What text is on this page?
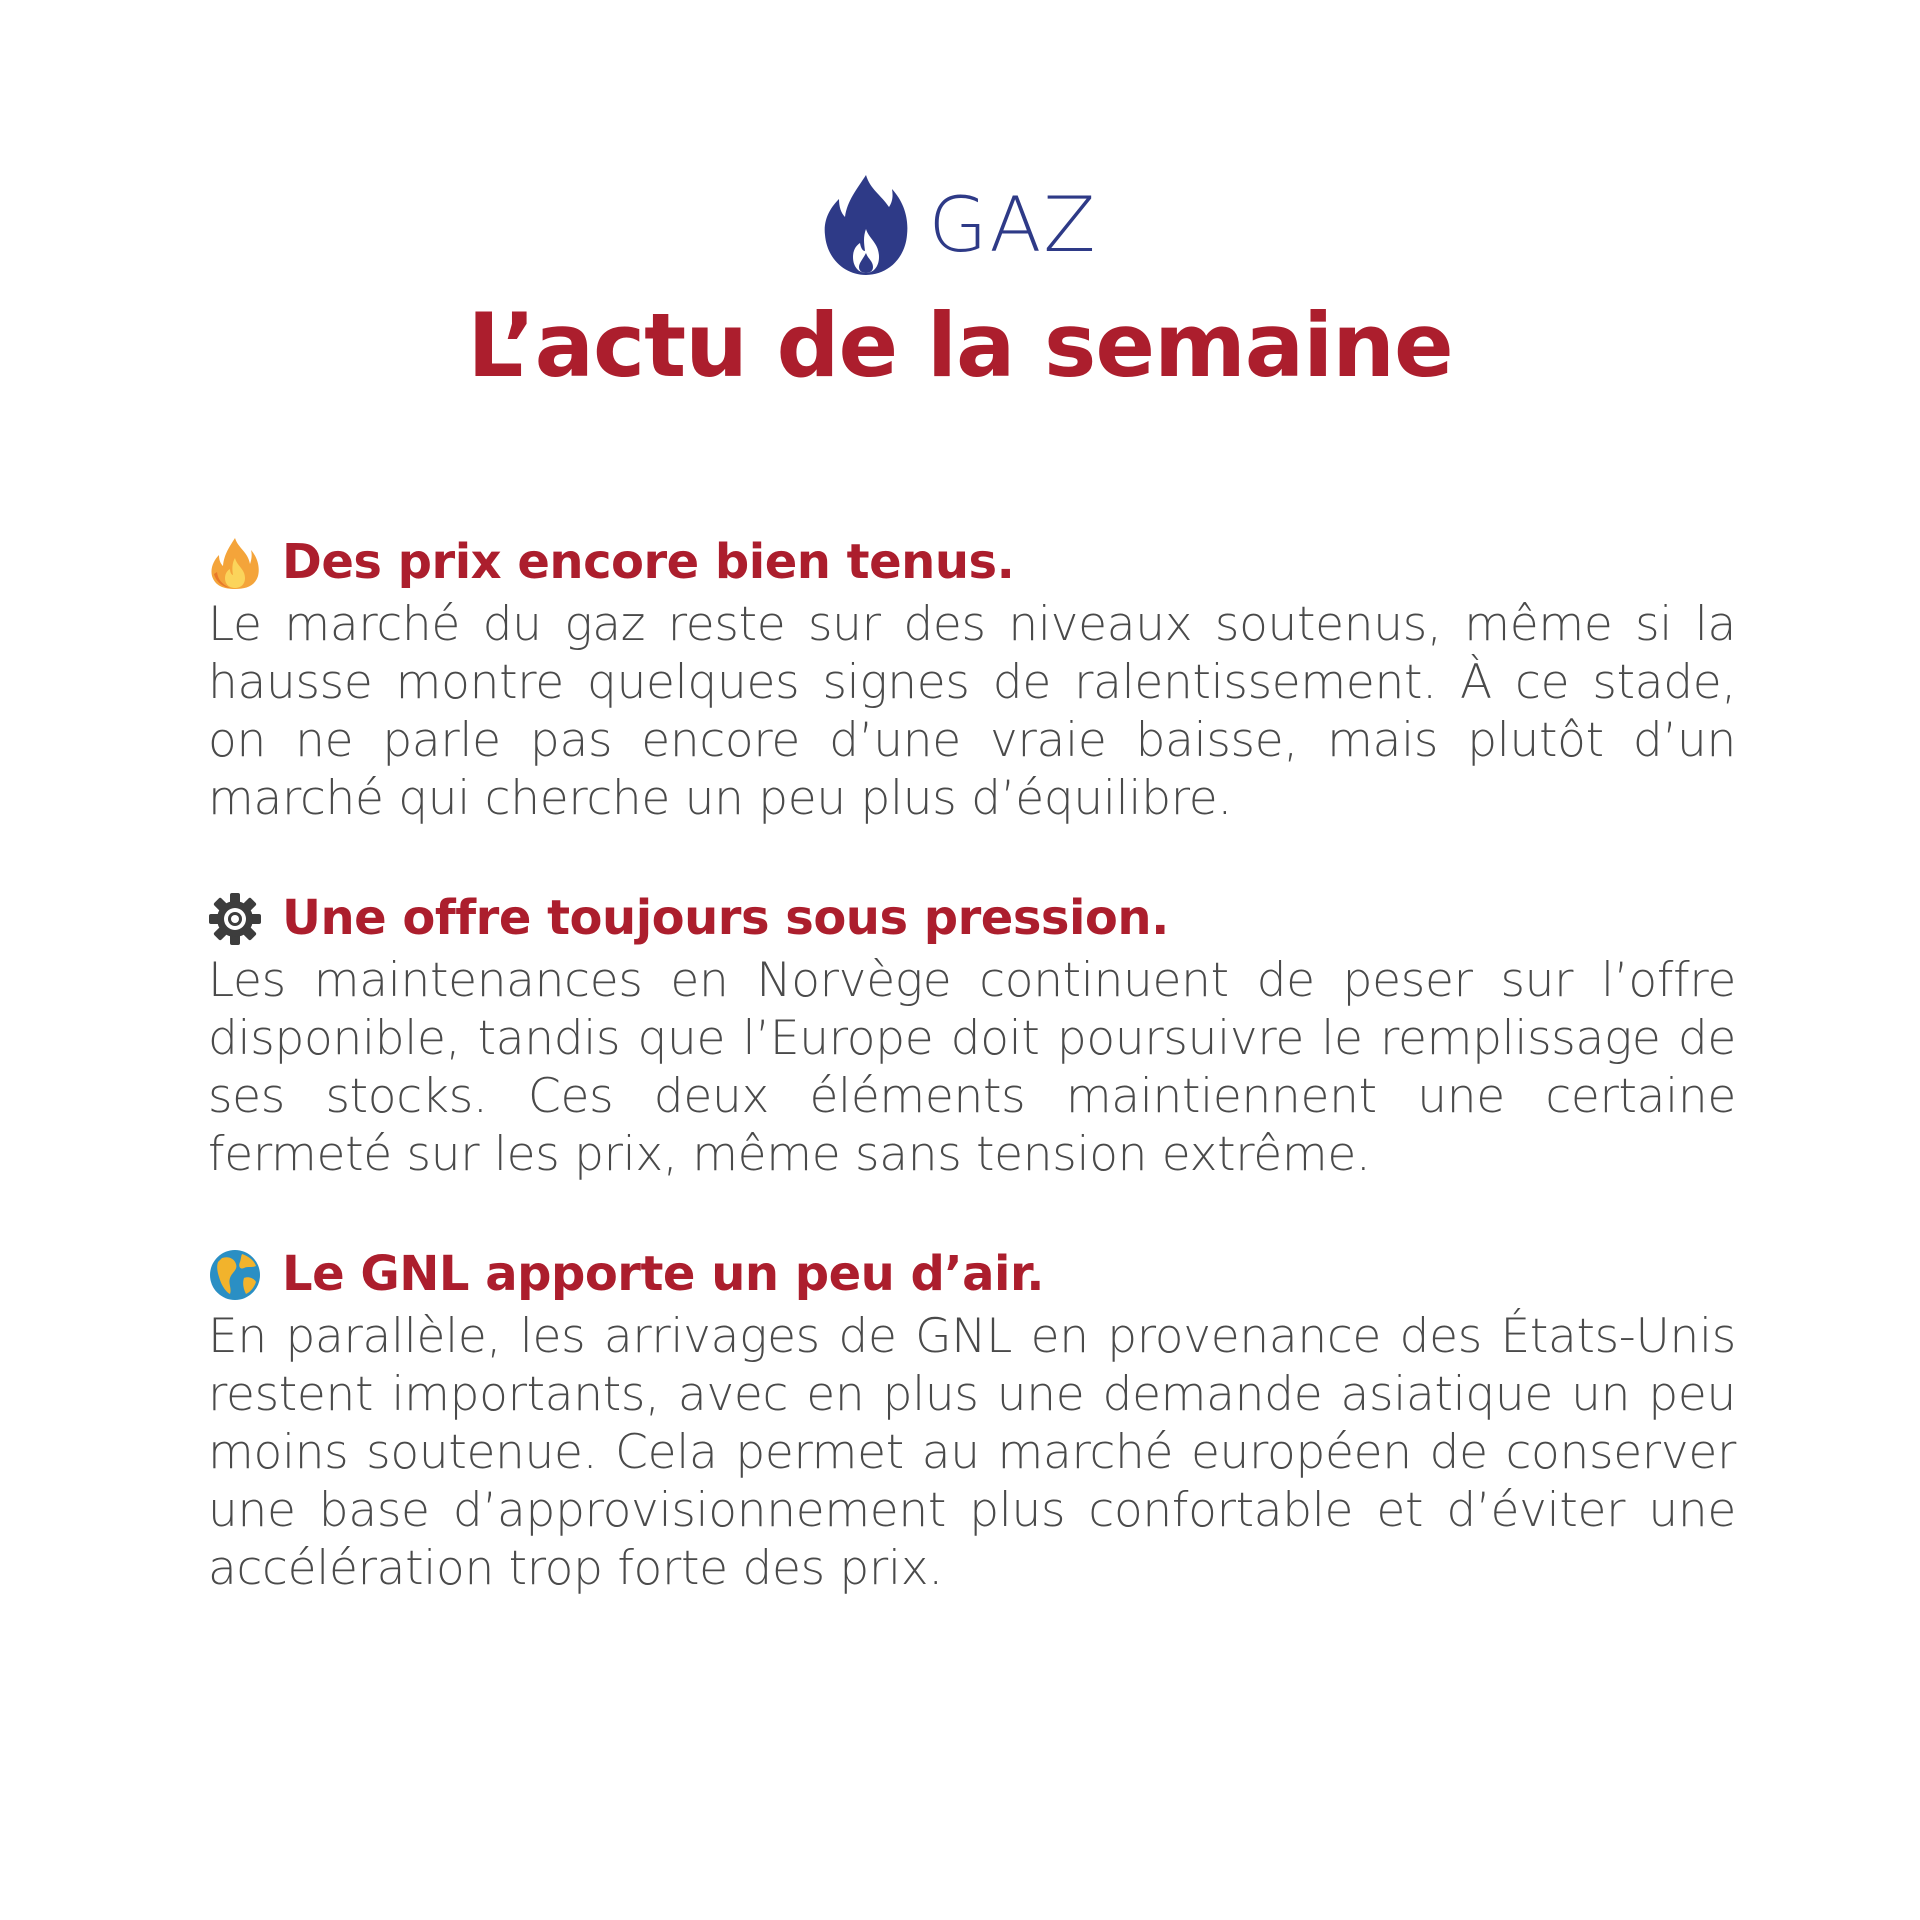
GAZ
L’actu de la semaine
Des prix encore bien tenus.

Le marché du gaz reste sur des niveaux soutenus, même si la hausse montre quelques signes de ralentissement. À ce stade, on ne parle pas encore d’une vraie baisse, mais plutôt d’un marché qui cherche un peu plus d’équilibre.

Une offre toujours sous pression.

Les maintenances en Norvège continuent de peser sur l’offre disponible, tandis que l’Europe doit poursuivre le remplissage de ses stocks. Ces deux éléments maintiennent une certaine fermeté sur les prix, même sans tension extrême.

Le GNL apporte un peu d’air.

En parallèle, les arrivages de GNL en provenance des États-Unis restent importants, avec en plus une demande asiatique un peu moins soutenue. Cela permet au marché européen de conserver une base d’approvisionnement plus confortable et d’éviter une accélération trop forte des prix.
